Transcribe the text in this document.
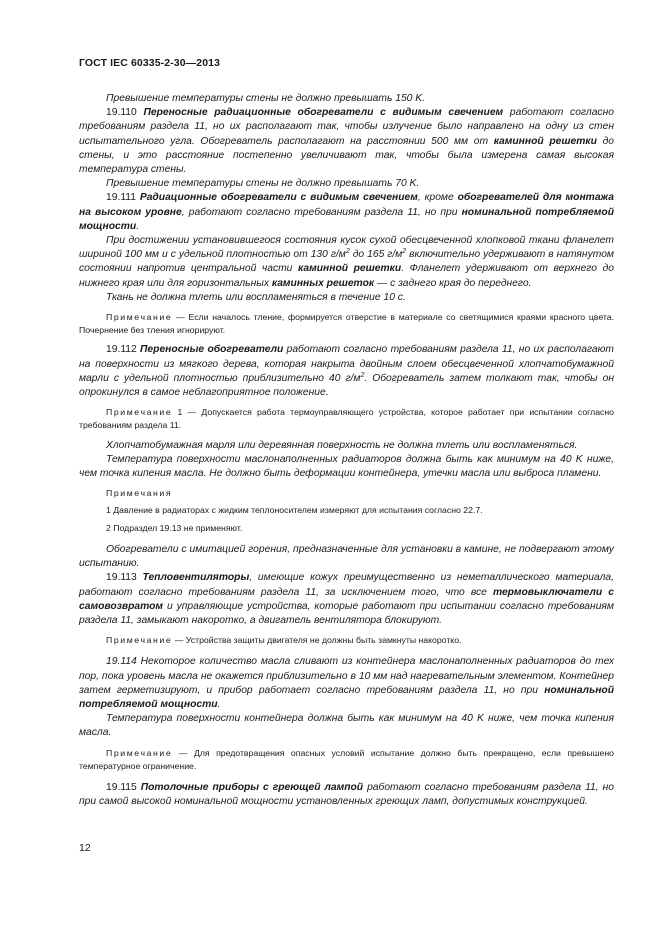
ГОСТ IEC 60335-2-30—2013

Превышение температуры стены не должно превышать 150 K.

19.110 Переносные радиационные обогреватели с видимым свечением работают согласно требованиям раздела 11, но их располагают так, чтобы излучение было направлено на одну из стен испытательного угла. Обогреватель располагают на расстоянии 500 мм от каминной решетки до стены, и это расстояние постепенно увеличивают так, чтобы была измерена самая высокая температура стены.

Превышение температуры стены не должно превышать 70 K.

19.111 Радиационные обогреватели с видимым свечением, кроме обогревателей для монтажа на высоком уровне, работают согласно требованиям раздела 11, но при номинальной потребляемой мощности.

При достижении установившегося состояния кусок сухой обесцвеченной хлопковой ткани фланелет шириной 100 мм и с удельной плотностью от 130 $г/м^2$ до 165 $г/м^2$ включительно удерживают в натянутом состоянии напротив центральной части каминной решетки. Фланелет удерживают от верхнего до нижнего края или для горизонтальных каминных решеток — с заднего края до переднего.

Ткань не должна тлеть или воспламеняться в течение 10 с.

Примечание — Если началось тление, формируется отверстие в материале со светящимися краями красного цвета. Почернение без тления игнорируют.

19.112 Переносные обогреватели работают согласно требованиям раздела 11, но их располагают на поверхности из мягкого дерева, которая накрыта двойным слоем обесцвеченной хлопчатобумажной марли с удельной плотностью приблизительно 40 $г/м^2$. Обогреватель затем толкают так, чтобы он опрокинулся в самое неблагоприятное положение.

Примечание 1 — Допускается работа термоуправляющего устройства, которое работает при испытании согласно требованиям раздела 11.

Хлопчатобумажная марля или деревянная поверхность не должна тлеть или воспламеняться.

Температура поверхности маслонаполненных радиаторов должна быть как минимум на 40 K ниже, чем точка кипения масла. Не должно быть деформации контейнера, утечки масла или выброса пламени.

Примечания

1 Давление в радиаторах с жидким теплоносителем измеряют для испытания согласно 22.7.

2 Подраздел 19.13 не применяют.

Обогреватели с имитацией горения, предназначенные для установки в камине, не подвергают этому испытанию.

19.113 Тепловентиляторы, имеющие кожух преимущественно из неметаллического материала, работают согласно требованиям раздела 11, за исключением того, что все термовыключатели с самовозвратом и управляющие устройства, которые работают при испытании согласно требованиям раздела 11, замыкают накоротко, а двигатель вентилятора блокируют.

Примечание — Устройства защиты двигателя не должны быть замкнуты накоротко.

19.114 Некоторое количество масла сливают из контейнера маслонаполненных радиаторов до тех пор, пока уровень масла не окажется приблизительно в 10 мм над нагревательным элементом. Контейнер затем герметизируют, и прибор работает согласно требованиям раздела 11, но при номинальной потребляемой мощности.

Температура поверхности контейнера должна быть как минимум на 40 K ниже, чем точка кипения масла.

Примечание — Для предотвращения опасных условий испытание должно быть прекращено, если превышено температурное ограничение.

19.115 Потолочные приборы с греющей лампой работают согласно требованиям раздела 11, но при самой высокой номинальной мощности установленных греющих ламп, допустимых конструкцией.

12
